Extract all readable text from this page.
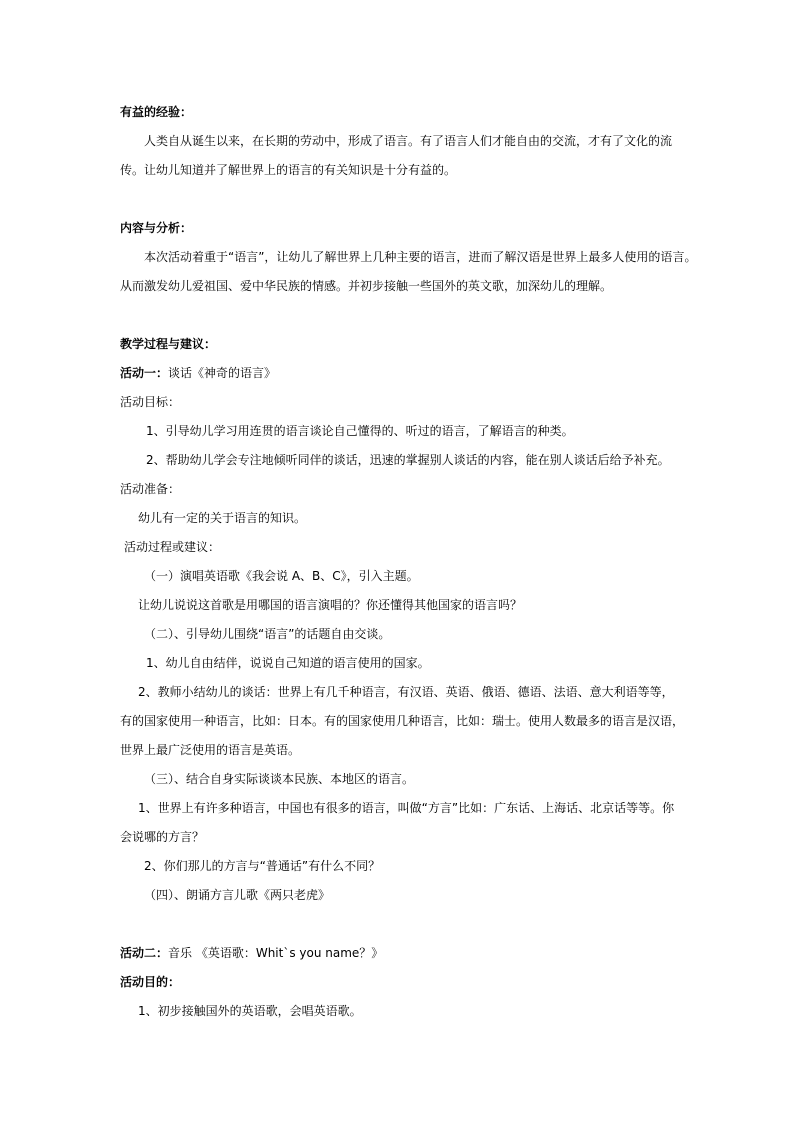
有益的经验：
人类自从诞生以来，在长期的劳动中，形成了语言。有了语言人们才能自由的交流，才有了文化的流
传。让幼儿知道并了解世界上的语言的有关知识是十分有益的。
内容与分析：
本次活动着重于“语言”，让幼儿了解世界上几种主要的语言，进而了解汉语是世界上最多人使用的语言。
从而激发幼儿爱祖国、爱中华民族的情感。并初步接触一些国外的英文歌，加深幼儿的理解。
教学过程与建议：
活动一：谈话《神奇的语言》
活动目标：
1、引导幼儿学习用连贯的语言谈论自己懂得的、听过的语言，了解语言的种类。
2、帮助幼儿学会专注地倾听同伴的谈话，迅速的掌握别人谈话的内容，能在别人谈话后给予补充。
活动准备：
幼儿有一定的关于语言的知识。
活动过程或建议：
（一）演唱英语歌《我会说 A、B、C》，引入主题。
让幼儿说说这首歌是用哪国的语言演唱的？你还懂得其他国家的语言吗？
（二）、引导幼儿围绕“语言”的话题自由交谈。
1、幼儿自由结伴，说说自己知道的语言使用的国家。
2、教师小结幼儿的谈话：世界上有几千种语言，有汉语、英语、俄语、德语、法语、意大利语等等，
有的国家使用一种语言，比如：日本。有的国家使用几种语言，比如：瑞士。使用人数最多的语言是汉语，
世界上最广泛使用的语言是英语。
（三）、结合自身实际谈谈本民族、本地区的语言。
1、世界上有许多种语言，中国也有很多的语言，叫做“方言”比如：广东话、上海话、北京话等等。你
会说哪的方言？
2、你们那儿的方言与“普通话”有什么不同？
（四）、朗诵方言儿歌《两只老虎》
活动二：音乐 《英语歌：Whit`s you name？》
活动目的：
1、初步接触国外的英语歌，会唱英语歌。
